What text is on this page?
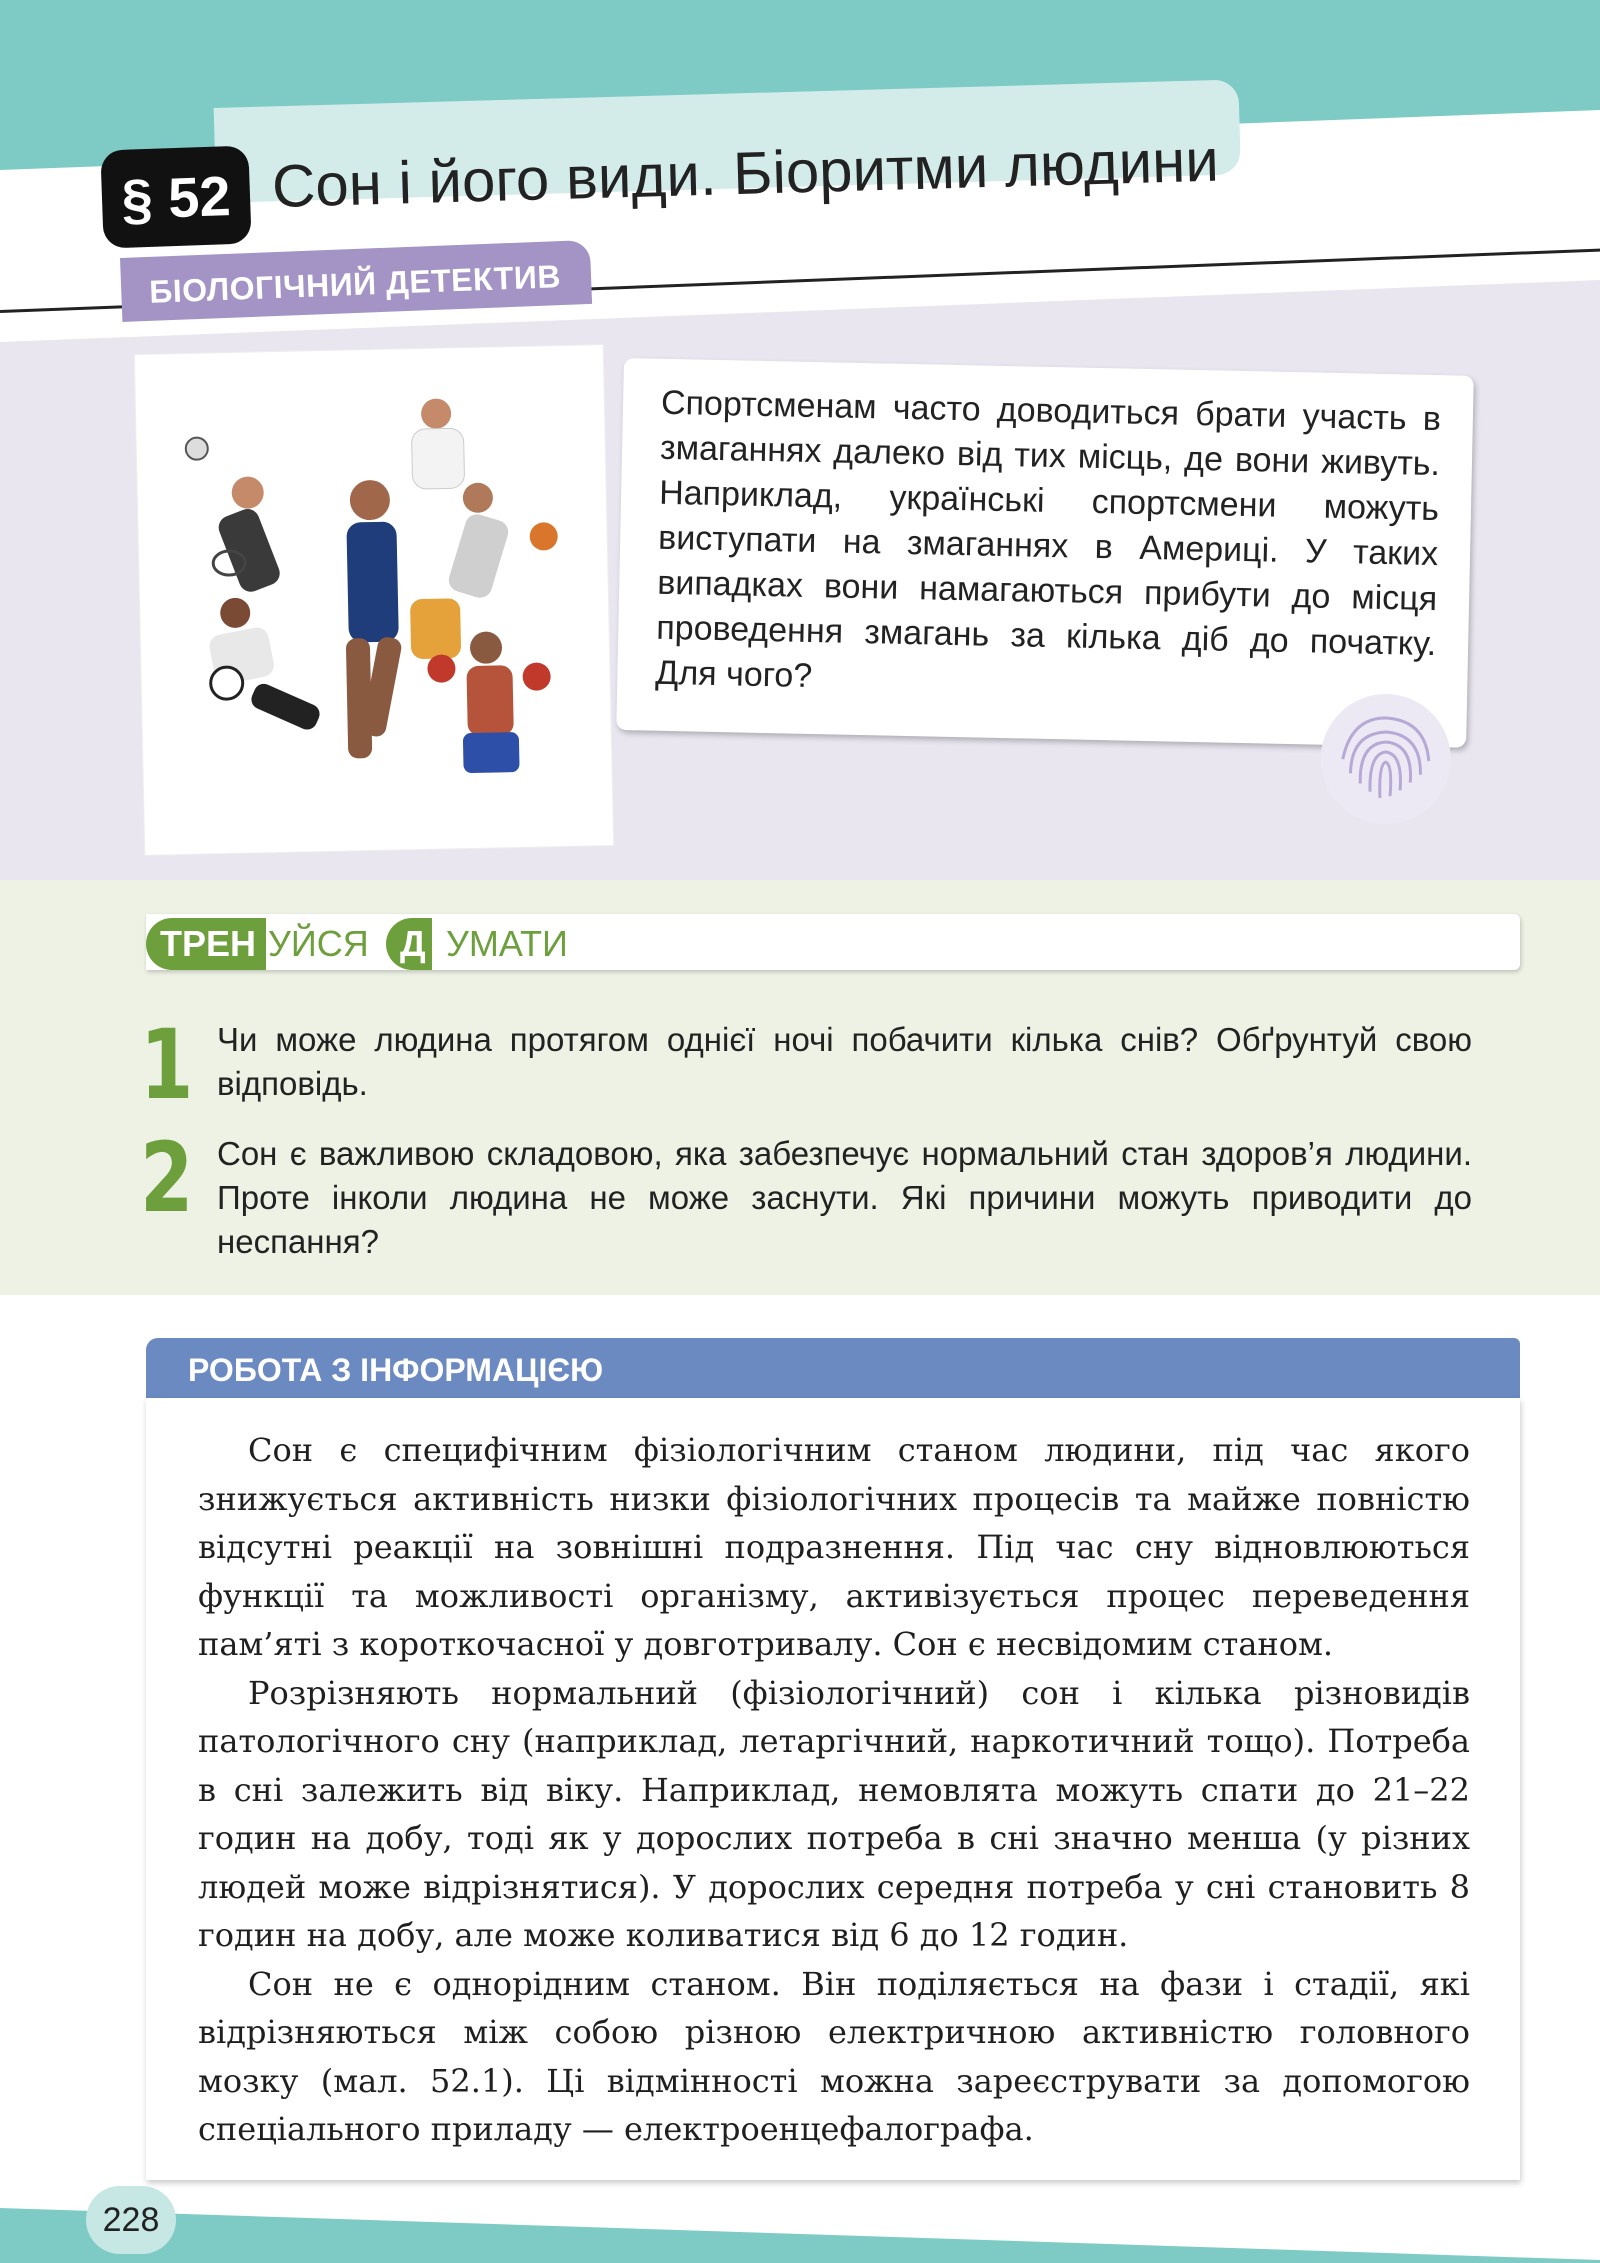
§ 52 Сон і його види. Біоритми людини
БІОЛОГІЧНИЙ ДЕТЕКТИВ
Спортсменам часто доводиться брати участь в змаганнях далеко від тих місць, де вони живуть. Наприклад, українські спортсмени можуть виступати на змаганнях в Америці. У таких випадках вони намагаються прибути до місця проведення змагань за кілька діб до початку. Для чого?
ТРЕН УЙСЯ Д УМАТИ
1 Чи може людина протягом однієї ночі побачити кілька снів? Обґрунтуй свою відповідь.
2 Сон є важливою складовою, яка забезпечує нормальний стан здоров’я людини. Проте інколи людина не може заснути. Які причини можуть приводити до неспання?
РОБОТА З ІНФОРМАЦІЄЮ

Сон є специфічним фізіологічним станом людини, під час якого знижується активність низки фізіологічних процесів та майже повністю відсутні реакції на зовнішні подразнення. Під час сну відновлюються функції та можливості організму, активізується процес переведення пам’яті з короткочасної у довготривалу. Сон є несвідомим станом.

Розрізняють нормальний (фізіологічний) сон і кілька різновидів патологічного сну (наприклад, летаргічний, наркотичний тощо). Потреба в сні залежить від віку. Наприклад, немовлята можуть спати до 21–22 годин на добу, тоді як у дорослих потреба в сні значно менша (у різних людей може відрізнятися). У дорослих середня потреба у сні становить 8 годин на добу, але може коливатися від 6 до 12 годин.

Сон не є однорідним станом. Він поділяється на фази і стадії, які відрізняються між собою різною електричною активністю головного мозку (мал. 52.1). Ці відмінності можна зареєструвати за допомогою спеціального приладу — електроенцефалографа.

228
